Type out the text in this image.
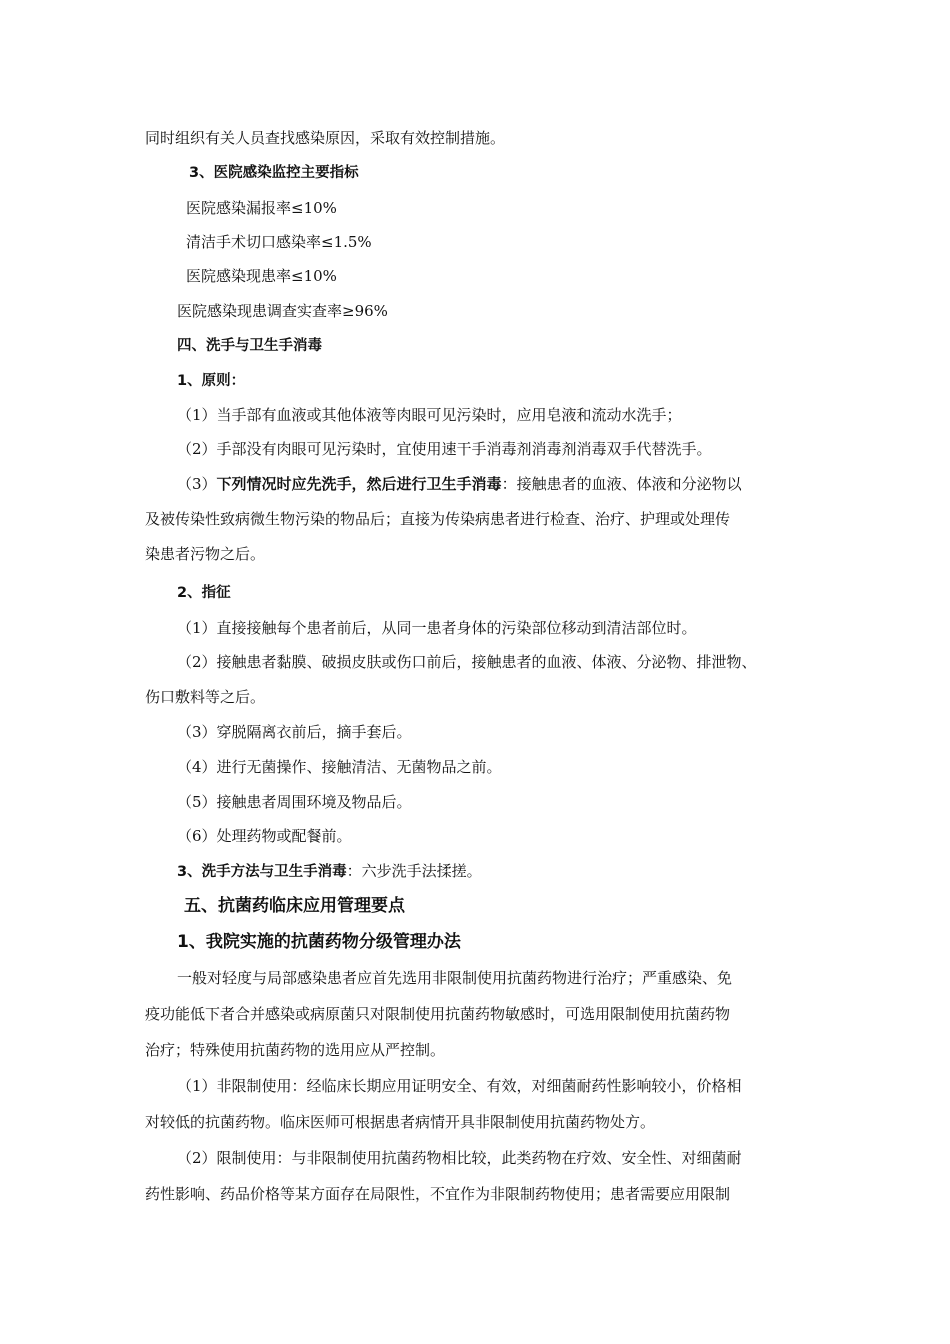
同时组织有关人员查找感染原因，采取有效控制措施。
3、医院感染监控主要指标
医院感染漏报率≤10%
清洁手术切口感染率≤1.5%
医院感染现患率≤10%
医院感染现患调查实查率≥96%
四、洗手与卫生手消毒
1、原则：
（1）当手部有血液或其他体液等肉眼可见污染时，应用皂液和流动水洗手；
（2）手部没有肉眼可见污染时，宜使用速干手消毒剂消毒剂消毒双手代替洗手。
（3）下列情况时应先洗手，然后进行卫生手消毒：接触患者的血液、体液和分泌物以
及被传染性致病微生物污染的物品后；直接为传染病患者进行检查、治疗、护理或处理传
染患者污物之后。
2、指征
（1）直接接触每个患者前后，从同一患者身体的污染部位移动到清洁部位时。
（2）接触患者黏膜、破损皮肤或伤口前后，接触患者的血液、体液、分泌物、排泄物、
伤口敷料等之后。
（3）穿脱隔离衣前后，摘手套后。
（4）进行无菌操作、接触清洁、无菌物品之前。
（5）接触患者周围环境及物品后。
（6）处理药物或配餐前。
3、洗手方法与卫生手消毒：六步洗手法揉搓。
五、抗菌药临床应用管理要点
1、我院实施的抗菌药物分级管理办法
一般对轻度与局部感染患者应首先选用非限制使用抗菌药物进行治疗；严重感染、免
疫功能低下者合并感染或病原菌只对限制使用抗菌药物敏感时，可选用限制使用抗菌药物
治疗；特殊使用抗菌药物的选用应从严控制。
（1）非限制使用：经临床长期应用证明安全、有效，对细菌耐药性影响较小，价格相
对较低的抗菌药物。临床医师可根据患者病情开具非限制使用抗菌药物处方。
（2）限制使用：与非限制使用抗菌药物相比较，此类药物在疗效、安全性、对细菌耐
药性影响、药品价格等某方面存在局限性，不宜作为非限制药物使用；患者需要应用限制
